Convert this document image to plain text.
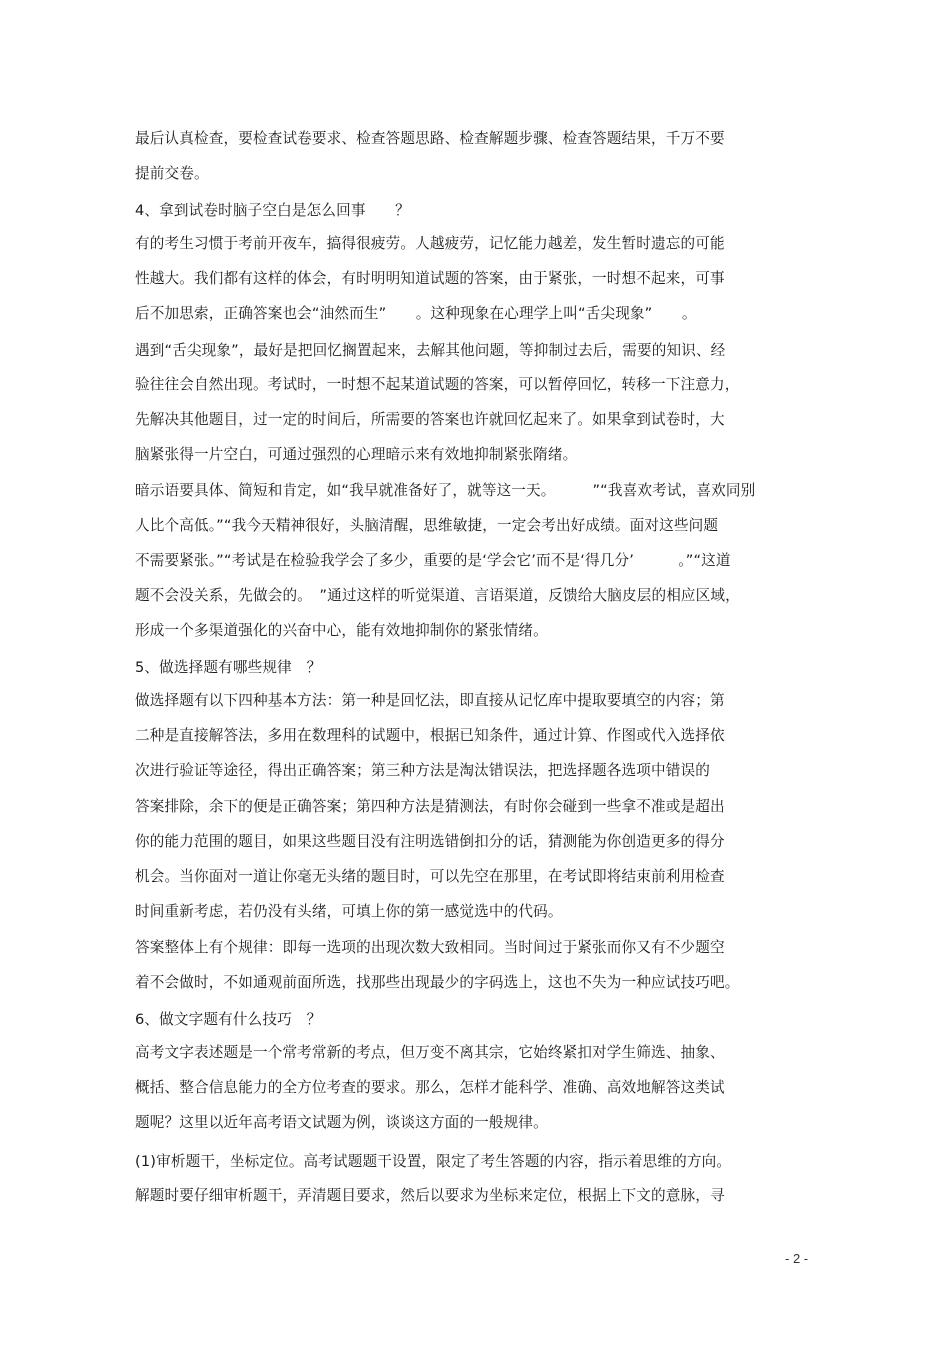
最后认真检查，要检查试卷要求、检查答题思路、检查解题步骤、检查答题结果，千万不要
提前交卷。
4、拿到试卷时脑子空白是怎么回事　　？
有的考生习惯于考前开夜车，搞得很疲劳。人越疲劳，记忆能力越差，发生暂时遗忘的可能
性越大。我们都有这样的体会，有时明明知道试题的答案，由于紧张，一时想不起来，可事
后不加思索，正确答案也会“油然而生”　　。这种现象在心理学上叫“舌尖现象”　　。
遇到“舌尖现象”，最好是把回忆搁置起来，去解其他问题，等抑制过去后，需要的知识、经
验往往会自然出现。考试时，一时想不起某道试题的答案，可以暂停回忆，转移一下注意力，
先解决其他题目，过一定的时间后，所需要的答案也许就回忆起来了。如果拿到试卷时，大
脑紧张得一片空白，可通过强烈的心理暗示来有效地抑制紧张隋绪。
暗示语要具体、简短和肯定，如“我早就准备好了，就等这一天。　　　”“我喜欢考试，喜欢同别
人比个高低。”“我今天精神很好，头脑清醒，思维敏捷，一定会考出好成绩。面对这些问题
不需要紧张。”“考试是在检验我学会了多少，重要的是‘学会它’而不是‘得几分’　　　。”“这道
题不会没关系，先做会的。　”通过这样的听觉渠道、言语渠道，反馈给大脑皮层的相应区域，
形成一个多渠道强化的兴奋中心，能有效地抑制你的紧张情绪。
5、做选择题有哪些规律　？
做选择题有以下四种基本方法：第一种是回忆法，即直接从记忆库中提取要填空的内容；第
二种是直接解答法，多用在数理科的试题中，根据已知条件，通过计算、作图或代入选择依
次进行验证等途径，得出正确答案；第三种方法是淘汰错误法，把选择题各选项中错误的
答案排除，余下的便是正确答案；第四种方法是猜测法，有时你会碰到一些拿不准或是超出
你的能力范围的题目，如果这些题目没有注明选错倒扣分的话，猜测能为你创造更多的得分
机会。当你面对一道让你毫无头绪的题目时，可以先空在那里，在考试即将结束前利用检查
时间重新考虑，若仍没有头绪，可填上你的第一感觉选中的代码。
答案整体上有个规律：即每一选项的出现次数大致相同。当时间过于紧张而你又有不少题空
着不会做时，不如通观前面所选，找那些出现最少的字码选上，这也不失为一种应试技巧吧。
6、做文字题有什么技巧　？
高考文字表述题是一个常考常新的考点，但万变不离其宗，它始终紧扣对学生筛选、抽象、
概括、整合信息能力的全方位考查的要求。那么，怎样才能科学、准确、高效地解答这类试
题呢？这里以近年高考语文试题为例，谈谈这方面的一般规律。
(1)审析题干，坐标定位。高考试题题干设置，限定了考生答题的内容，指示着思维的方向。
解题时要仔细审析题干，弄清题目要求，然后以要求为坐标来定位，根据上下文的意脉，寻
- 2 -
